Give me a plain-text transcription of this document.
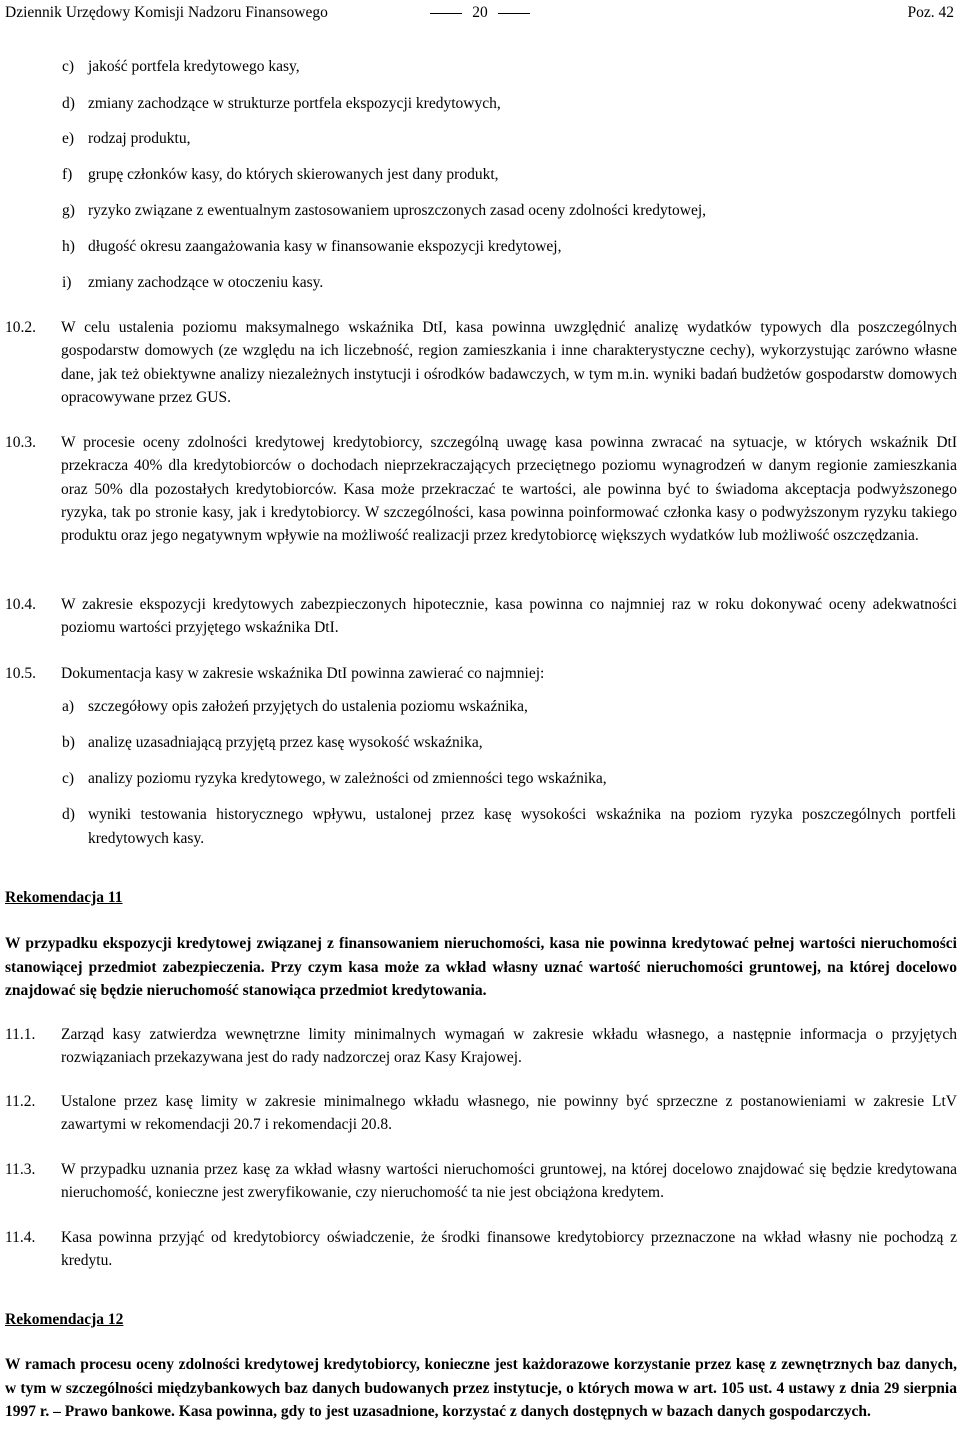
Dziennik Urzędowy Komisji Nadzoru Finansowego	20	Poz. 42
c) jakość portfela kredytowego kasy,
d) zmiany zachodzące w strukturze portfela ekspozycji kredytowych,
e) rodzaj produktu,
f)	grupę członków kasy, do których skierowanych jest dany produkt,
g) ryzyko związane z ewentualnym zastosowaniem uproszczonych zasad oceny zdolności kredytowej,
h) długość okresu zaangażowania kasy w finansowanie ekspozycji kredytowej,
i)	zmiany zachodzące w otoczeniu kasy.
10.2.	W celu ustalenia poziomu maksymalnego wskaźnika DtI, kasa powinna uwzględnić analizę wydatków typowych dla poszczególnych gospodarstw domowych (ze względu na ich liczebność, region zamieszkania i inne charakterystyczne cechy), wykorzystując zarówno własne dane, jak też obiektywne analizy niezależnych instytucji i ośrodków badawczych, w tym m.in. wyniki badań budżetów gospodarstw domowych opracowywane przez GUS.
10.3.	W procesie oceny zdolności kredytowej kredytobiorcy, szczególną uwagę kasa powinna zwracać na sytuacje, w których wskaźnik DtI przekracza 40% dla kredytobiorców o dochodach nieprzekraczających przeciętnego poziomu wynagrodzeń w danym regionie zamieszkania oraz 50% dla pozostałych kredytobiorców. Kasa może przekraczać te wartości, ale powinna być to świadoma akceptacja podwyższonego ryzyka, tak po stronie kasy, jak i kredytobiorcy. W szczególności, kasa powinna poinformować członka kasy o podwyższonym ryzyku takiego produktu oraz jego negatywnym wpływie na możliwość realizacji przez kredytobiorcę większych wydatków lub możliwość oszczędzania.
10.4.	W zakresie ekspozycji kredytowych zabezpieczonych hipotecznie, kasa powinna co najmniej raz w roku dokonywać oceny adekwatności poziomu wartości przyjętego wskaźnika DtI.
10.5.	Dokumentacja kasy w zakresie wskaźnika DtI powinna zawierać co najmniej:
a) szczegółowy opis założeń przyjętych do ustalenia poziomu wskaźnika,
b) analizę uzasadniającą przyjętą przez kasę wysokość wskaźnika,
c) analizy poziomu ryzyka kredytowego, w zależności od zmienności tego wskaźnika,
d) wyniki testowania historycznego wpływu, ustalonej przez kasę wysokości wskaźnika na poziom ryzyka poszczególnych portfeli kredytowych kasy.
Rekomendacja 11
W przypadku ekspozycji kredytowej związanej z finansowaniem nieruchomości, kasa nie powinna kredytować pełnej wartości nieruchomości stanowiącej przedmiot zabezpieczenia. Przy czym kasa może za wkład własny uznać wartość nieruchomości gruntowej, na której docelowo znajdować się będzie nieruchomość stanowiąca przedmiot kredytowania.
11.1.	Zarząd kasy zatwierdza wewnętrzne limity minimalnych wymagań w zakresie wkładu własnego, a następnie informacja o przyjętych rozwiązaniach przekazywana jest do rady nadzorczej oraz Kasy Krajowej.
11.2.	Ustalone przez kasę limity w zakresie minimalnego wkładu własnego, nie powinny być sprzeczne z postanowieniami w zakresie LtV zawartymi w rekomendacji 20.7 i rekomendacji 20.8.
11.3.	W przypadku uznania przez kasę za wkład własny wartości nieruchomości gruntowej, na której docelowo znajdować się będzie kredytowana nieruchomość, konieczne jest zweryfikowanie, czy nieruchomość ta nie jest obciążona kredytem.
11.4.	Kasa powinna przyjąć od kredytobiorcy oświadczenie, że środki finansowe kredytobiorcy przeznaczone na wkład własny nie pochodzą z kredytu.
Rekomendacja 12
W ramach procesu oceny zdolności kredytowej kredytobiorcy, konieczne jest każdorazowe korzystanie przez kasę z zewnętrznych baz danych, w tym w szczególności międzybankowych baz danych budowanych przez instytucje, o których mowa w art. 105 ust. 4 ustawy z dnia 29 sierpnia 1997 r. – Prawo bankowe. Kasa powinna, gdy to jest uzasadnione, korzystać z danych dostępnych w bazach danych gospodarczych.
